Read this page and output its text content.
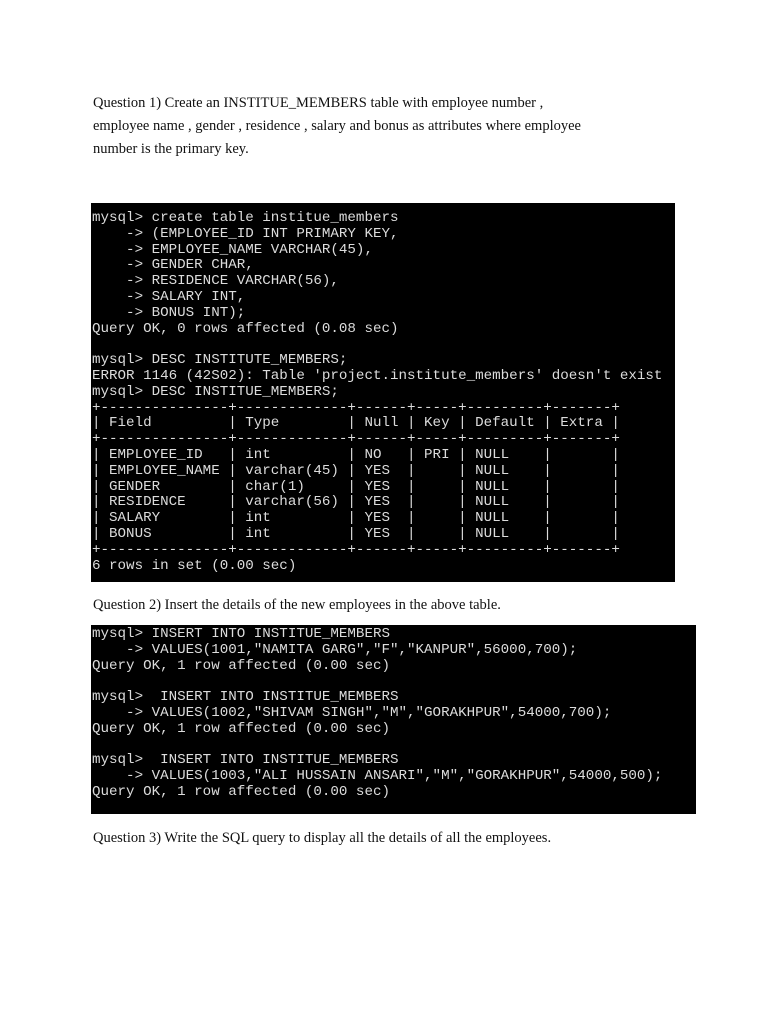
Question 1) Create an INSTITUE_MEMBERS table with employee number ,
employee name , gender , residence , salary and bonus as attributes where employee
number is the primary key.

mysql> create table institue_members
-> (EMPLOYEE_ID INT PRIMARY KEY,
-> EMPLOYEE_NAME VARCHAR(45),
-> GENDER CHAR,
-> RESIDENCE VARCHAR(56),
-> SALARY INT,
-> BONUS INT);
Query OK, 0 rows affected (0.08 sec)
mysql> DESC INSTITUTE_MEMBERS;
ERROR 1146 (42S02): Table 'project.institute_members' doesn't exist
mysql> DESC INSTITUE_MEMBERS;
+---------------+-------------+------+-----+---------+-------+
| Field         | Type        | Null | Key | Default | Extra |
+---------------+-------------+------+-----+---------+-------+
| EMPLOYEE_ID   | int         | NO   | PRI | NULL    |       |
| EMPLOYEE_NAME | varchar(45) | YES  |     | NULL    |       |
| GENDER        | char(1)     | YES  |     | NULL    |       |
| RESIDENCE     | varchar(56) | YES  |     | NULL    |       |
| SALARY        | int         | YES  |     | NULL    |       |
| BONUS         | int         | YES  |     | NULL    |       |
+---------------+-------------+------+-----+---------+-------+
6 rows in set (0.00 sec)

Question 2) Insert the details of the new employees in the above table.

mysql> INSERT INTO INSTITUE_MEMBERS
-> VALUES(1001,"NAMITA GARG","F","KANPUR",56000,700);
Query OK, 1 row affected (0.00 sec)
mysql>  INSERT INTO INSTITUE_MEMBERS
-> VALUES(1002,"SHIVAM SINGH","M","GORAKHPUR",54000,700);
Query OK, 1 row affected (0.00 sec)
mysql>  INSERT INTO INSTITUE_MEMBERS
-> VALUES(1003,"ALI HUSSAIN ANSARI","M","GORAKHPUR",54000,500);
Query OK, 1 row affected (0.00 sec)

Question 3) Write the SQL query to display all the details of all the employees.
